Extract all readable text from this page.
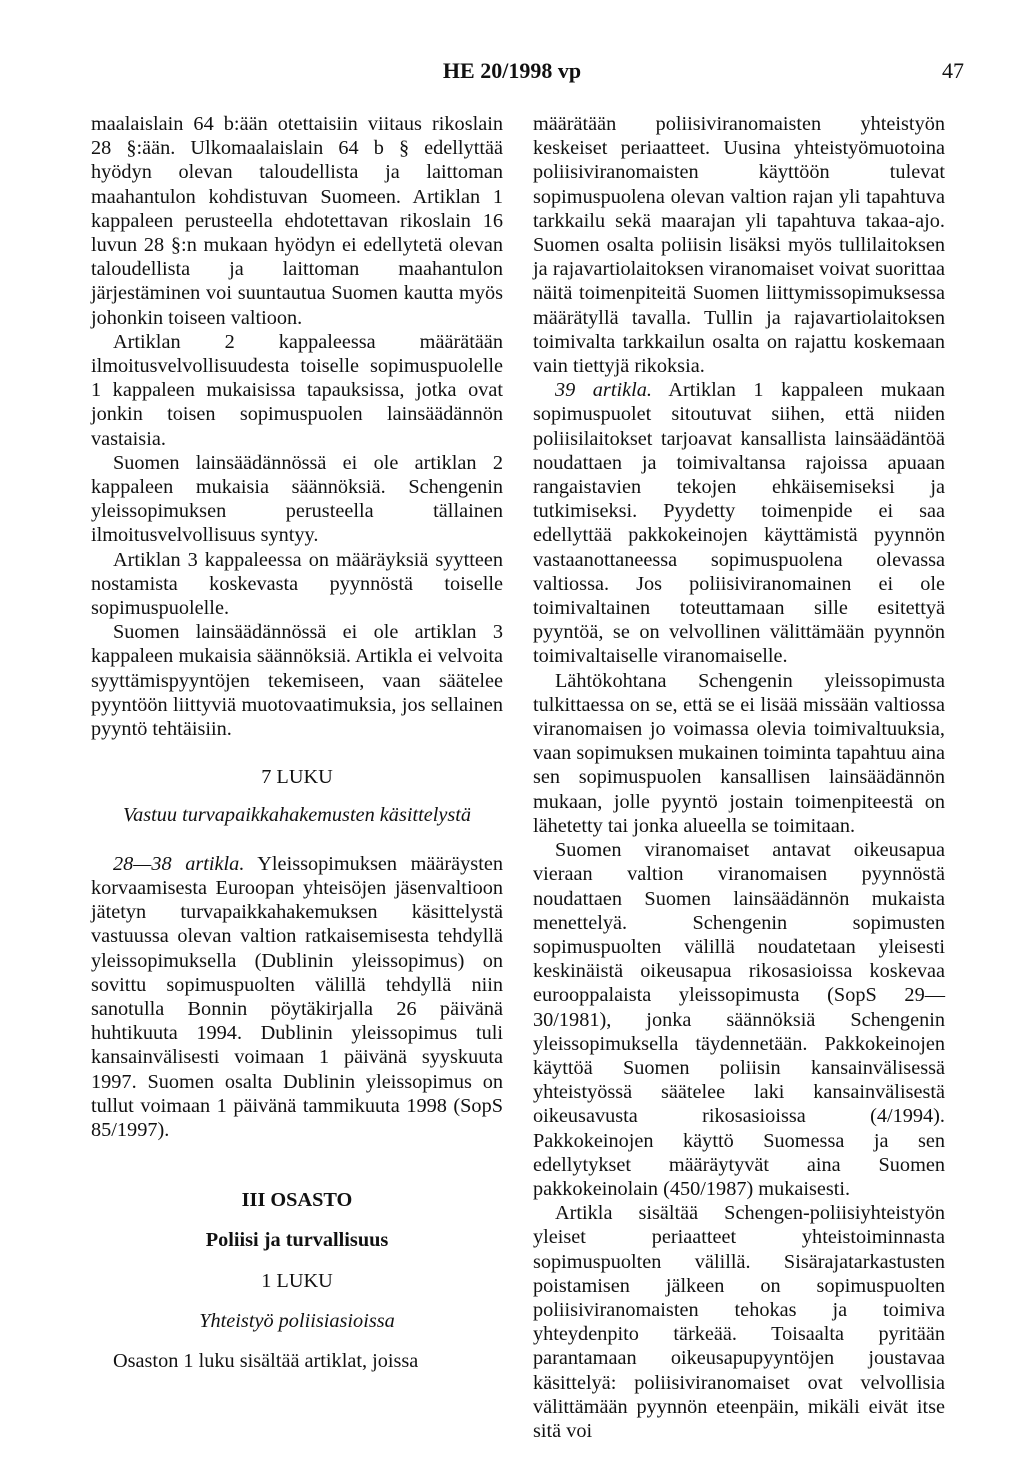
HE 20/1998 vp	47

maalaislain 64 b:ään otettaisiin viitaus rikoslain 28 §:ään. Ulkomaalaislain 64 b § edellyttää hyödyn olevan taloudellista ja laittoman maahantulon kohdistuvan Suomeen. Artiklan 1 kappaleen perusteella ehdotettavan rikoslain 16 luvun 28 §:n mukaan hyödyn ei edellytetä olevan taloudellista ja laittoman maahantulon järjestäminen voi suuntautua Suomen kautta myös johonkin toiseen valtioon.

Artiklan 2 kappaleessa määrätään ilmoitusvelvollisuudesta toiselle sopimuspuolelle 1 kappaleen mukaisissa tapauksissa, jotka ovat jonkin toisen sopimuspuolen lainsäädännön vastaisia.

Suomen lainsäädännössä ei ole artiklan 2 kappaleen mukaisia säännöksiä. Schengenin yleissopimuksen perusteella tällainen ilmoitusvelvollisuus syntyy.

Artiklan 3 kappaleessa on määräyksiä syytteen nostamista koskevasta pyynnöstä toiselle sopimuspuolelle.

Suomen lainsäädännössä ei ole artiklan 3 kappaleen mukaisia säännöksiä. Artikla ei velvoita syyttämispyyntöjen tekemiseen, vaan säätelee pyyntöön liittyviä muotovaatimuksia, jos sellainen pyyntö tehtäisiin.

7 LUKU
Vastuu turvapaikkahakemusten käsittelystä

28—38 artikla. Yleissopimuksen määräysten korvaamisesta Euroopan yhteisöjen jäsenvaltioon jätetyn turvapaikkahakemuksen käsittelystä vastuussa olevan valtion ratkaisemisesta tehdyllä yleissopimuksella (Dublinin yleissopimus) on sovittu sopimuspuolten välillä tehdyllä niin sanotulla Bonnin pöytäkirjalla 26 päivänä huhtikuuta 1994. Dublinin yleissopimus tuli kansainvälisesti voimaan 1 päivänä syyskuuta 1997. Suomen osalta Dublinin yleissopimus on tullut voimaan 1 päivänä tammikuuta 1998 (SopS 85/1997).

III OSASTO
Poliisi ja turvallisuus
1 LUKU
Yhteistyö poliisiasioissa

Osaston 1 luku sisältää artiklat, joissa

määrätään poliisiviranomaisten yhteistyön keskeiset periaatteet. Uusina yhteistyömuotoina poliisiviranomaisten käyttöön tulevat sopimuspuolena olevan valtion rajan yli tapahtuva tarkkailu sekä maarajan yli tapahtuva takaa-ajo. Suomen osalta poliisin lisäksi myös tullilaitoksen ja rajavartiolaitoksen viranomaiset voivat suorittaa näitä toimenpiteitä Suomen liittymissopimuksessa määrätyllä tavalla. Tullin ja rajavartiolaitoksen toimivalta tarkkailun osalta on rajattu koskemaan vain tiettyjä rikoksia.

39 artikla. Artiklan 1 kappaleen mukaan sopimuspuolet sitoutuvat siihen, että niiden poliisilaitokset tarjoavat kansallista lainsäädäntöä noudattaen ja toimivaltansa rajoissa apuaan rangaistavien tekojen ehkäisemiseksi ja tutkimiseksi. Pyydetty toimenpide ei saa edellyttää pakkokeinojen käyttämistä pyynnön vastaanottaneessa sopimuspuolena olevassa valtiossa. Jos poliisiviranomainen ei ole toimivaltainen toteuttamaan sille esitettyä pyyntöä, se on velvollinen välittämään pyynnön toimivaltaiselle viranomaiselle.

Lähtökohtana Schengenin yleissopimusta tulkittaessa on se, että se ei lisää missään valtiossa viranomaisen jo voimassa olevia toimivaltuuksia, vaan sopimuksen mukainen toiminta tapahtuu aina sen sopimuspuolen kansallisen lainsäädännön mukaan, jolle pyyntö jostain toimenpiteestä on lähetetty tai jonka alueella se toimitaan.

Suomen viranomaiset antavat oikeusapua vieraan valtion viranomaisen pyynnöstä noudattaen Suomen lainsäädännön mukaista menettelyä. Schengenin sopimusten sopimuspuolten välillä noudatetaan yleisesti keskinäistä oikeusapua rikosasioissa koskevaa eurooppalaista yleissopimusta (SopS 29—30/1981), jonka säännöksiä Schengenin yleissopimuksella täydennetään. Pakkokeinojen käyttöä Suomen poliisin kansainvälisessä yhteistyössä säätelee laki kansainvälisestä oikeusavusta rikosasioissa (4/1994). Pakkokeinojen käyttö Suomessa ja sen edellytykset määräytyvät aina Suomen pakkokeinolain (450/1987) mukaisesti.

Artikla sisältää Schengen-poliisiyhteistyön yleiset periaatteet yhteistoiminnasta sopimuspuolten välillä. Sisärajatarkastusten poistamisen jälkeen on sopimuspuolten poliisiviranomaisten tehokas ja toimiva yhteydenpito tärkeää. Toisaalta pyritään parantamaan oikeusapupyyntöjen joustavaa käsittelyä: poliisiviranomaiset ovat velvollisia välittämään pyynnön eteenpäin, mikäli eivät itse sitä voi
